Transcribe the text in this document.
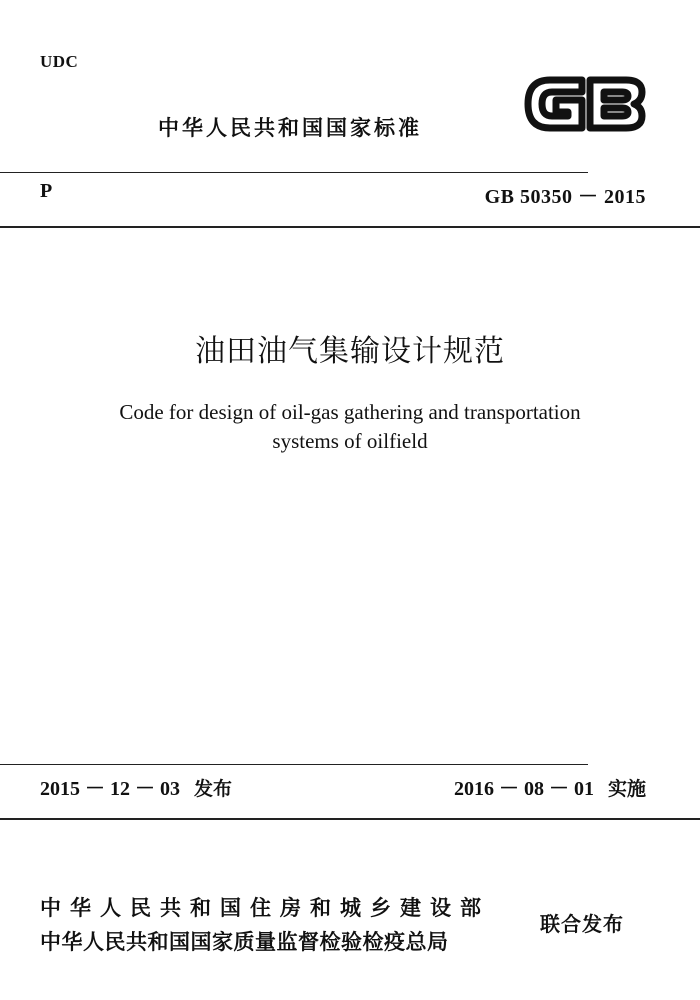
UDC
中华人民共和国国家标准
P	GB 50350 － 2015
油田油气集输设计规范
Code for design of oil-gas gathering and transportation
systems of oilfield
2015 － 12 － 03 发布	2016 － 08 － 01 实施
中华人民共和国住房和城乡建设部
中华人民共和国国家质量监督检验检疫总局
联合发布
